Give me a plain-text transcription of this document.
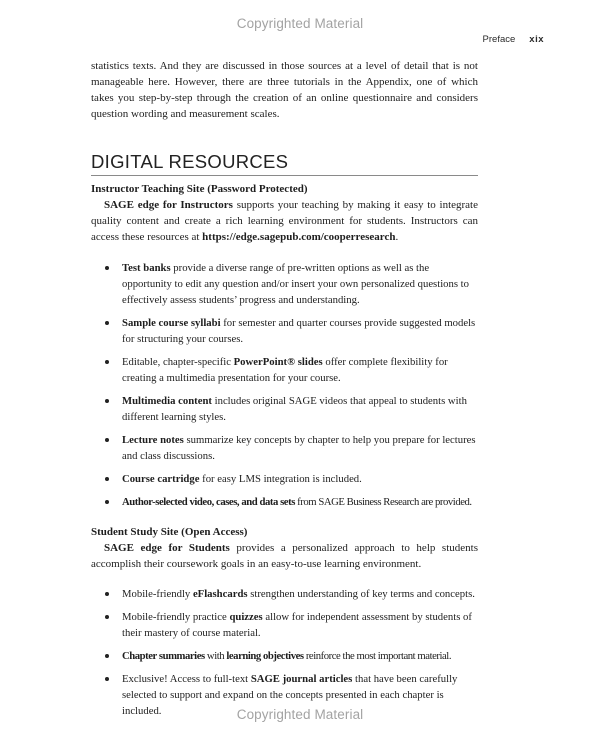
Copyrighted Material
Preface xix

statistics texts. And they are discussed in those sources at a level of detail that is not manageable here. However, there are three tutorials in the Appendix, one of which takes you step-by-step through the creation of an online questionnaire and considers question wording and measurement scales.

DIGITAL RESOURCES
Instructor Teaching Site (Password Protected)

SAGE edge for Instructors supports your teaching by making it easy to integrate quality content and create a rich learning environment for students. Instructors can access these resources at https://edge.sagepub.com/cooperresearch.

Test banks provide a diverse range of pre-written options as well as the opportunity to edit any question and/or insert your own personalized questions to effectively assess students’ progress and understanding.
Sample course syllabi for semester and quarter courses provide suggested models for structuring your courses.
Editable, chapter-specific PowerPoint® slides offer complete flexibility for creating a multimedia presentation for your course.
Multimedia content includes original SAGE videos that appeal to students with different learning styles.
Lecture notes summarize key concepts by chapter to help you prepare for lectures and class discussions.
Course cartridge for easy LMS integration is included.
Author-selected video, cases, and data sets from SAGE Business Research are provided.
Student Study Site (Open Access)

SAGE edge for Students provides a personalized approach to help students accomplish their coursework goals in an easy-to-use learning environment.

Mobile-friendly eFlashcards strengthen understanding of key terms and concepts.
Mobile-friendly practice quizzes allow for independent assessment by students of their mastery of course material.
Chapter summaries with learning objectives reinforce the most important material.
Exclusive! Access to full-text SAGE journal articles that have been carefully selected to support and expand on the concepts presented in each chapter is included.	Copyrighted Material
